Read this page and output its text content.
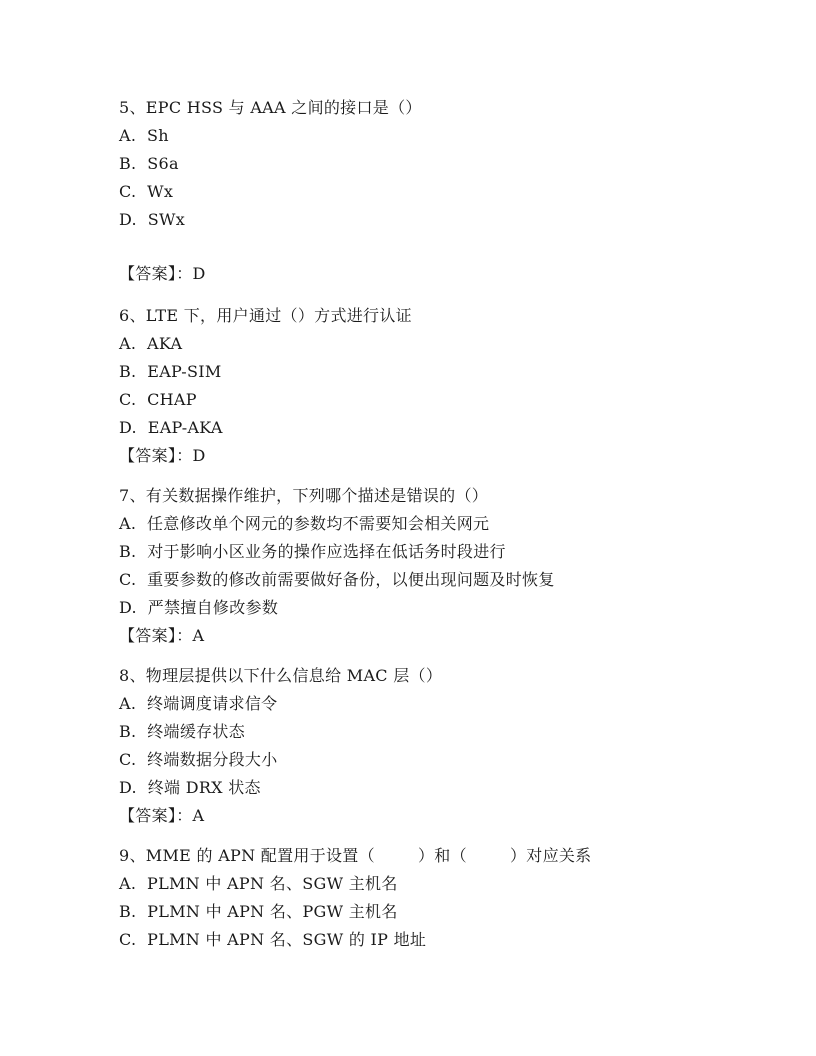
5、EPC HSS 与 AAA 之间的接口是（）
A.  Sh
B.  S6a
C.  Wx
D.  SWx
【答案】：D
6、LTE 下，用户通过（）方式进行认证
A.  AKA
B.  EAP-SIM
C.  CHAP
D.  EAP-AKA
【答案】：D
7、有关数据操作维护，下列哪个描述是错误的（）
A.  任意修改单个网元的参数均不需要知会相关网元
B.  对于影响小区业务的操作应选择在低话务时段进行
C.  重要参数的修改前需要做好备份，以便出现问题及时恢复
D.  严禁擅自修改参数
【答案】：A
8、物理层提供以下什么信息给 MAC 层（）
A.  终端调度请求信令
B.  终端缓存状态
C.  终端数据分段大小
D.  终端 DRX 状态
【答案】：A
9、MME 的 APN 配置用于设置（        ）和（        ）对应关系
A.  PLMN 中 APN 名、SGW 主机名
B.  PLMN 中 APN 名、PGW 主机名
C.  PLMN 中 APN 名、SGW 的 IP 地址
